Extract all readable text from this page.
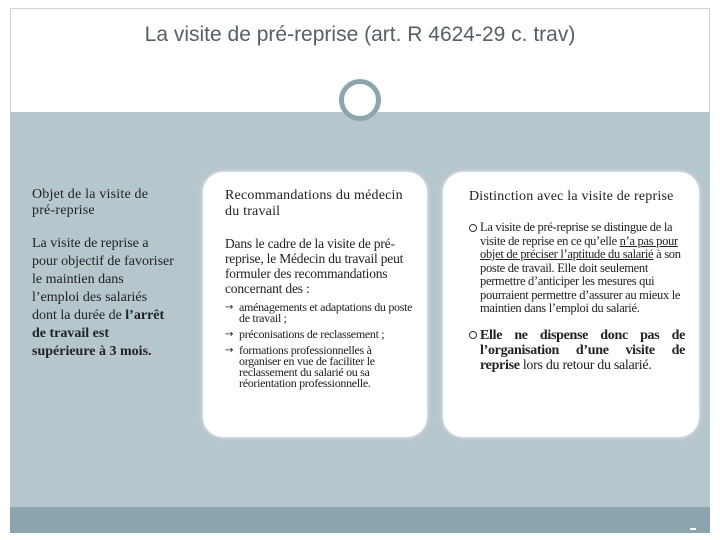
La visite de pré-reprise (art. R 4624-29 c. trav)
Objet de la visite de pré-reprise
La visite de reprise a pour objectif de favoriser le maintien dans l’emploi des salariés dont la durée de l’arrêt de travail est supérieure à 3 mois.
Recommandations du médecin du travail
Dans le cadre de la visite de pré-reprise, le Médecin du travail peut formuler des recommandations concernant des :
→ aménagements et adaptations du poste de travail ;
→ préconisations de reclassement ;
→ formations professionnelles à organiser en vue de faciliter le reclassement du salarié ou sa réorientation professionnelle.
Distinction avec la visite de reprise
La visite de pré-reprise se distingue de la visite de reprise en ce qu’elle n’a pas pour objet de préciser l’aptitude du salarié à son poste de travail. Elle doit seulement permettre d’anticiper les mesures qui pourraient permettre d’assurer au mieux le maintien dans l’emploi du salarié.
Elle ne dispense donc pas de l’organisation d’une visite de reprise lors du retour du salarié.
